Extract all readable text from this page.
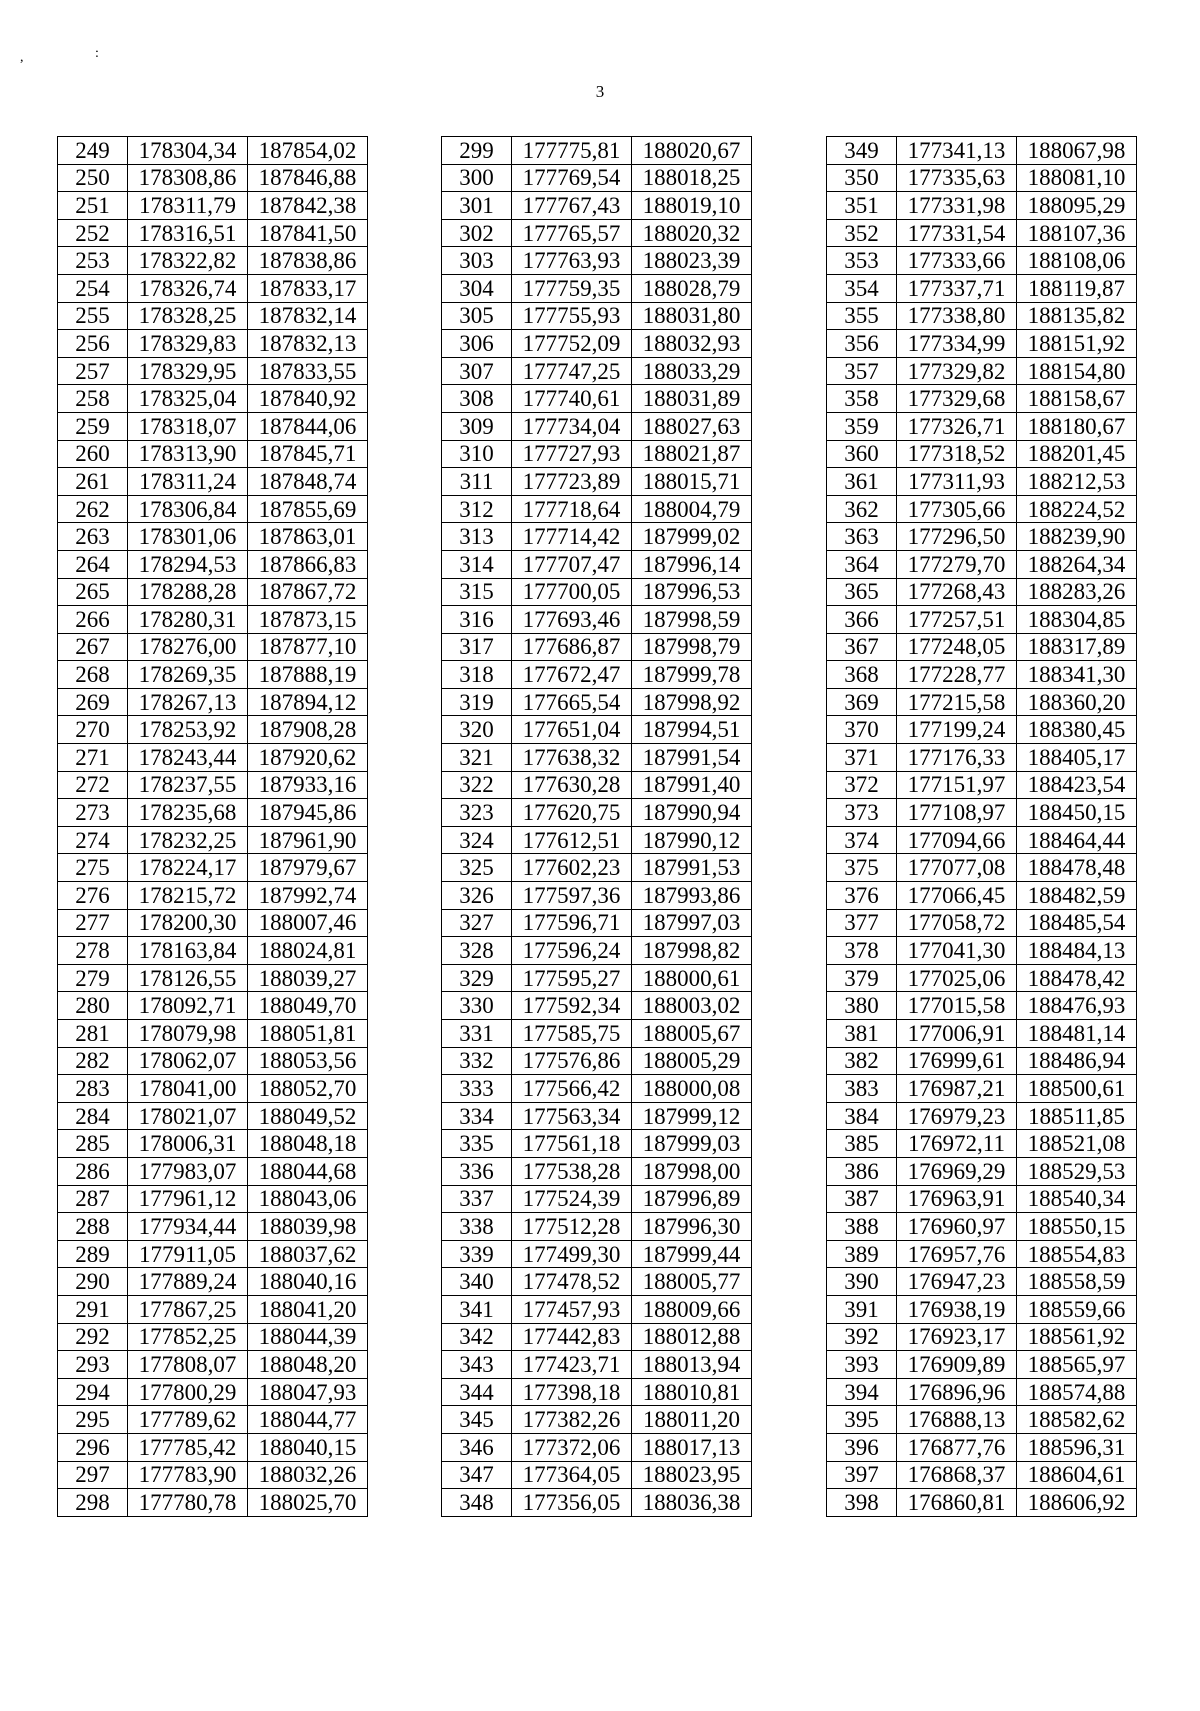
,	:
3
249	178304,34	187854,02
250	178308,86	187846,88
251	178311,79	187842,38
252	178316,51	187841,50
253	178322,82	187838,86
254	178326,74	187833,17
255	178328,25	187832,14
256	178329,83	187832,13
257	178329,95	187833,55
258	178325,04	187840,92
259	178318,07	187844,06
260	178313,90	187845,71
261	178311,24	187848,74
262	178306,84	187855,69
263	178301,06	187863,01
264	178294,53	187866,83
265	178288,28	187867,72
266	178280,31	187873,15
267	178276,00	187877,10
268	178269,35	187888,19
269	178267,13	187894,12
270	178253,92	187908,28
271	178243,44	187920,62
272	178237,55	187933,16
273	178235,68	187945,86
274	178232,25	187961,90
275	178224,17	187979,67
276	178215,72	187992,74
277	178200,30	188007,46
278	178163,84	188024,81
279	178126,55	188039,27
280	178092,71	188049,70
281	178079,98	188051,81
282	178062,07	188053,56
283	178041,00	188052,70
284	178021,07	188049,52
285	178006,31	188048,18
286	177983,07	188044,68
287	177961,12	188043,06
288	177934,44	188039,98
289	177911,05	188037,62
290	177889,24	188040,16
291	177867,25	188041,20
292	177852,25	188044,39
293	177808,07	188048,20
294	177800,29	188047,93
295	177789,62	188044,77
296	177785,42	188040,15
297	177783,90	188032,26
298	177780,78	188025,70
299	177775,81	188020,67
300	177769,54	188018,25
301	177767,43	188019,10
302	177765,57	188020,32
303	177763,93	188023,39
304	177759,35	188028,79
305	177755,93	188031,80
306	177752,09	188032,93
307	177747,25	188033,29
308	177740,61	188031,89
309	177734,04	188027,63
310	177727,93	188021,87
311	177723,89	188015,71
312	177718,64	188004,79
313	177714,42	187999,02
314	177707,47	187996,14
315	177700,05	187996,53
316	177693,46	187998,59
317	177686,87	187998,79
318	177672,47	187999,78
319	177665,54	187998,92
320	177651,04	187994,51
321	177638,32	187991,54
322	177630,28	187991,40
323	177620,75	187990,94
324	177612,51	187990,12
325	177602,23	187991,53
326	177597,36	187993,86
327	177596,71	187997,03
328	177596,24	187998,82
329	177595,27	188000,61
330	177592,34	188003,02
331	177585,75	188005,67
332	177576,86	188005,29
333	177566,42	188000,08
334	177563,34	187999,12
335	177561,18	187999,03
336	177538,28	187998,00
337	177524,39	187996,89
338	177512,28	187996,30
339	177499,30	187999,44
340	177478,52	188005,77
341	177457,93	188009,66
342	177442,83	188012,88
343	177423,71	188013,94
344	177398,18	188010,81
345	177382,26	188011,20
346	177372,06	188017,13
347	177364,05	188023,95
348	177356,05	188036,38
349	177341,13	188067,98
350	177335,63	188081,10
351	177331,98	188095,29
352	177331,54	188107,36
353	177333,66	188108,06
354	177337,71	188119,87
355	177338,80	188135,82
356	177334,99	188151,92
357	177329,82	188154,80
358	177329,68	188158,67
359	177326,71	188180,67
360	177318,52	188201,45
361	177311,93	188212,53
362	177305,66	188224,52
363	177296,50	188239,90
364	177279,70	188264,34
365	177268,43	188283,26
366	177257,51	188304,85
367	177248,05	188317,89
368	177228,77	188341,30
369	177215,58	188360,20
370	177199,24	188380,45
371	177176,33	188405,17
372	177151,97	188423,54
373	177108,97	188450,15
374	177094,66	188464,44
375	177077,08	188478,48
376	177066,45	188482,59
377	177058,72	188485,54
378	177041,30	188484,13
379	177025,06	188478,42
380	177015,58	188476,93
381	177006,91	188481,14
382	176999,61	188486,94
383	176987,21	188500,61
384	176979,23	188511,85
385	176972,11	188521,08
386	176969,29	188529,53
387	176963,91	188540,34
388	176960,97	188550,15
389	176957,76	188554,83
390	176947,23	188558,59
391	176938,19	188559,66
392	176923,17	188561,92
393	176909,89	188565,97
394	176896,96	188574,88
395	176888,13	188582,62
396	176877,76	188596,31
397	176868,37	188604,61
398	176860,81	188606,92
